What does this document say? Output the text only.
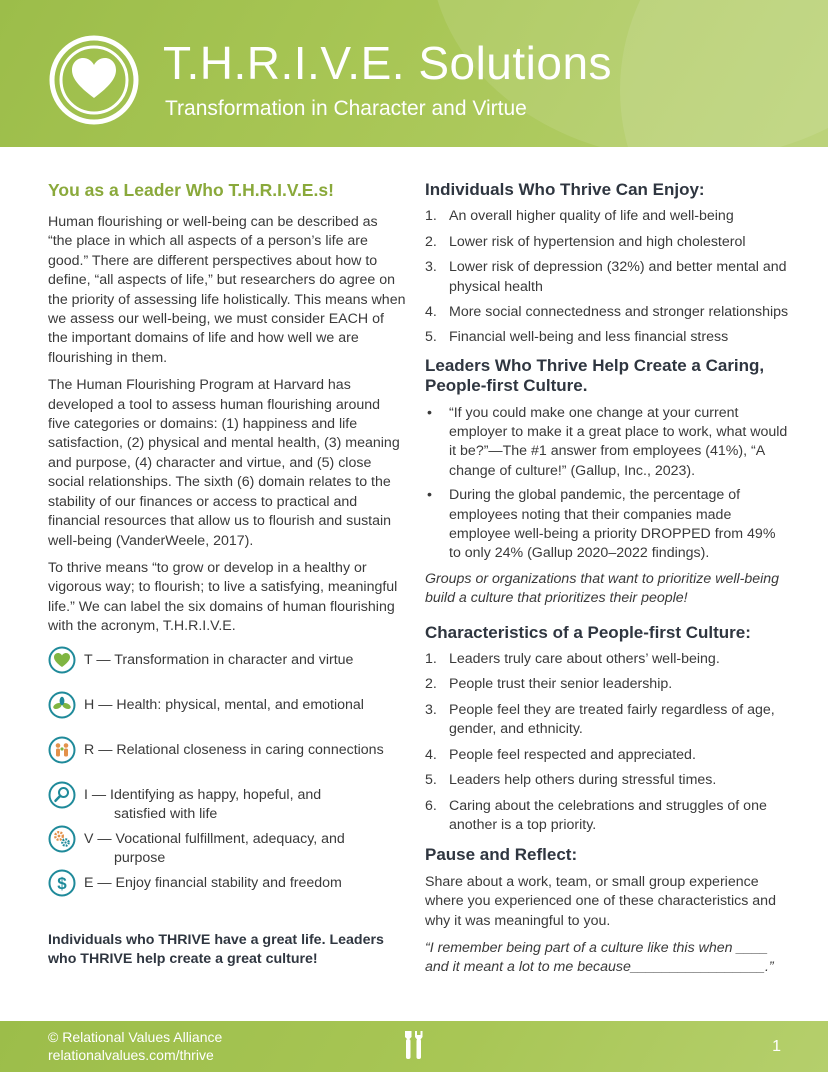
T.H.R.I.V.E. Solutions
Transformation in Character and Virtue
You as a Leader Who T.H.R.I.V.E.s!

Human flourishing or well-being can be described as “the place in which all aspects of a person’s life are good.” There are different perspectives about how to define, “all aspects of life,” but researchers do agree on the priority of assessing life holistically. This means when we assess our well-being, we must consider EACH of the important domains of life and how well we are flourishing in them.

The Human Flourishing Program at Harvard has developed a tool to assess human flourishing around five categories or domains: (1) happiness and life satisfaction, (2) physical and mental health, (3) meaning and purpose, (4) character and virtue, and (5) close social relationships. The sixth (6) domain relates to the stability of our finances or access to practical and financial resources that allow us to flourish and sustain well-being (VanderWeele, 2017).

To thrive means “to grow or develop in a healthy or vigorous way; to flourish; to live a satisfying, meaningful life.” We can label the six domains of human flourishing with the acronym, T.H.R.I.V.E.

T — Transformation in character and virtue
H — Health: physical, mental, and emotional
R — Relational closeness in caring connections
I — Identifying as happy, hopeful, and
satisfied with life
V — Vocational fulfillment, adequacy, and
purpose
$ E — Enjoy financial stability and freedom
Individuals who THRIVE have a great life. Leaders who THRIVE help create a great culture!
Individuals Who Thrive Can Enjoy:
1. An overall higher quality of life and well-being
2. Lower risk of hypertension and high cholesterol
3. Lower risk of depression (32%) and better mental and physical health
4. More social connectedness and stronger relationships
5. Financial well-being and less financial stress
Leaders Who Thrive Help Create a Caring, People-first Culture.
• “If you could make one change at your current employer to make it a great place to work, what would it be?”—The #1 answer from employees (41%), “A change of culture!” (Gallup, Inc., 2023).
• During the global pandemic, the percentage of employees noting that their companies made employee well-being a priority DROPPED from 49% to only 24% (Gallup 2020–2022 findings).

Groups or organizations that want to prioritize well-being build a culture that prioritizes their people!

Characteristics of a People-first Culture:
1. Leaders truly care about others’ well-being.
2. People trust their senior leadership.
3. People feel they are treated fairly regardless of age, gender, and ethnicity.
4. People feel respected and appreciated.
5. Leaders help others during stressful times.
6. Caring about the celebrations and struggles of one another is a top priority.
Pause and Reflect:

Share about a work, team, or small group experience where you experienced one of these characteristics and why it was meaningful to you.

“I remember being part of a culture like this when ____ and it meant a lot to me because_________________.”

© Relational Values Alliance
relationalvalues.com/thrive	1
